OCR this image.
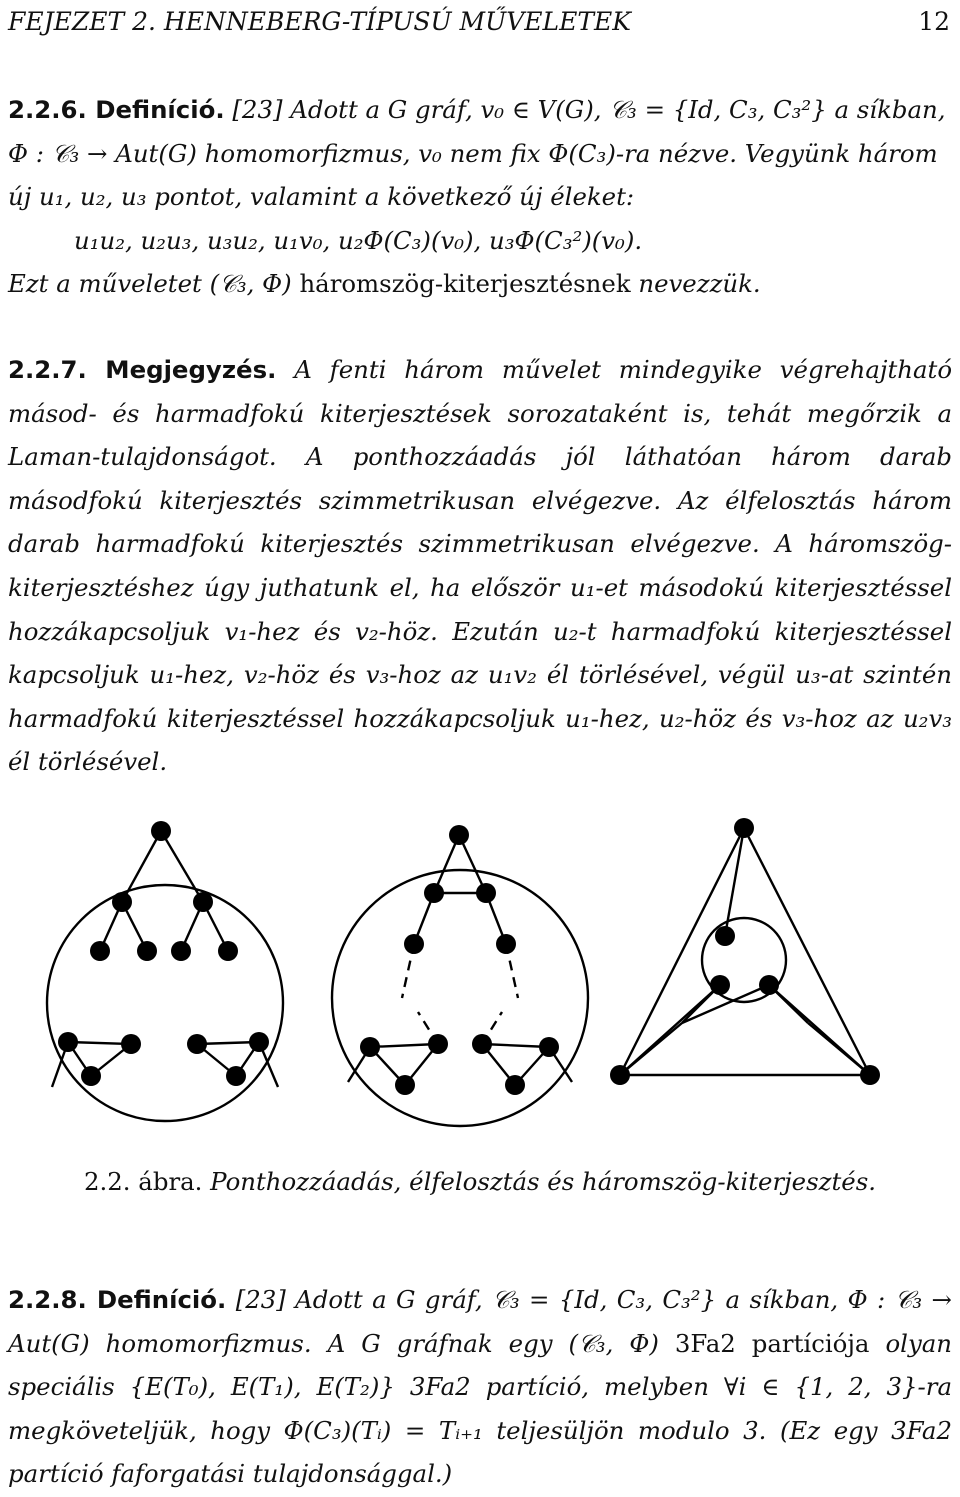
FEJEZET 2. HENNEBERG-TÍPUSÚ MŰVELETEK	12
2.2.6. Definíció. [23] Adott a G gráf, v₀ ∈ V(G), 𝒞₃ = {Id, C₃, C₃²} a síkban,
Φ : 𝒞₃ → Aut(G) homomorfizmus, v₀ nem fix Φ(C₃)-ra nézve. Vegyünk három
új u₁, u₂, u₃ pontot, valamint a következő új éleket:

u₁u₂, u₂u₃, u₃u₂, u₁v₀, u₂Φ(C₃)(v₀), u₃Φ(C₃²)(v₀).
Ezt a műveletet (𝒞₃, Φ) háromszög-kiterjesztésnek nevezzük.
2.2.7. Megjegyzés. A fenti három művelet mindegyike végrehajtható másod- és harmadfokú kiterjesztések sorozataként is, tehát megőrzik a Laman-tulajdonságot. A ponthozzáadás jól láthatóan három darab másodfokú kiterjesztés szimmetrikusan elvégezve. Az élfelosztás három darab harmadfokú kiterjesztés szimmetrikusan elvégezve. A háromszög-kiterjesztéshez úgy juthatunk el, ha először u₁-et másodokú kiterjesztéssel hozzákapcsoljuk v₁-hez és v₂-höz. Ezután u₂-t harmadfokú kiterjesztéssel kapcsoljuk u₁-hez, v₂-höz és v₃-hoz az u₁v₂ él törlésével, végül u₃-at szintén harmadfokú kiterjesztéssel hozzákapcsoljuk u₁-hez, u₂-höz és v₃-hoz az u₂v₃ él törlésével.
2.2. ábra. Ponthozzáadás, élfelosztás és háromszög-kiterjesztés.
2.2.8. Definíció. [23] Adott a G gráf, 𝒞₃ = {Id, C₃, C₃²} a síkban, Φ : 𝒞₃ → Aut(G) homomorfizmus. A G gráfnak egy (𝒞₃, Φ) 3Fa2 partíciója olyan speciális {E(T₀), E(T₁), E(T₂)} 3Fa2 partíció, melyben ∀i ∈ {1, 2, 3}-ra megköveteljük, hogy Φ(C₃)(Tᵢ) = Tᵢ₊₁ teljesüljön modulo 3. (Ez egy 3Fa2 partíció faforgatási tulajdonsággal.)
